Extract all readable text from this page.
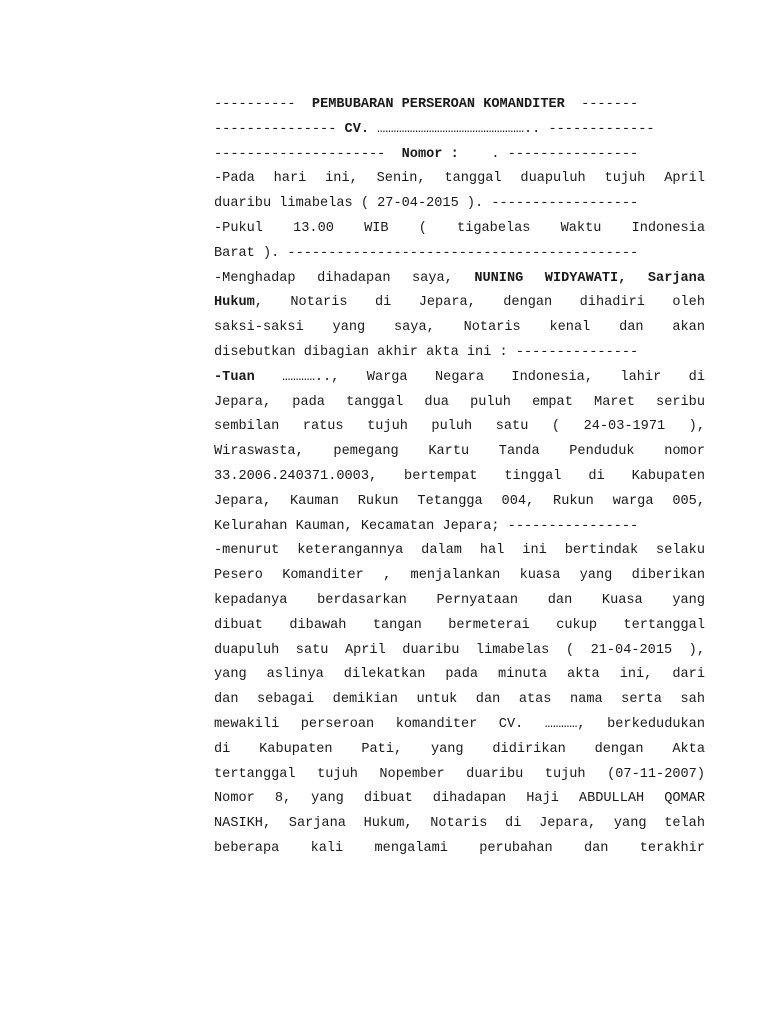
----------  PEMBUBARAN PERSEROAN KOMANDITER  -------
--------------- CV. ……………………………………………….. -------------
---------------------  Nomor :    . ----------------
-Pada hari ini, Senin, tanggal duapuluh tujuh April
duaribu limabelas ( 27-04-2015 ). ------------------
-Pukul 13.00 WIB ( tigabelas Waktu Indonesia
Barat ). -------------------------------------------
-Menghadap dihadapan saya, NUNING WIDYAWATI, Sarjana
Hukum, Notaris di Jepara, dengan dihadiri oleh
saksi-saksi yang saya, Notaris kenal dan akan
disebutkan dibagian akhir akta ini : ---------------
-Tuan ………….., Warga Negara Indonesia, lahir di
Jepara, pada tanggal dua puluh empat Maret seribu
sembilan ratus tujuh puluh satu ( 24-03-1971 ),
Wiraswasta, pemegang Kartu Tanda Penduduk nomor
33.2006.240371.0003, bertempat tinggal di Kabupaten
Jepara, Kauman Rukun Tetangga 004, Rukun warga 005,
Kelurahan Kauman, Kecamatan Jepara; ----------------
-menurut keterangannya dalam hal ini bertindak selaku
Pesero Komanditer , menjalankan kuasa yang diberikan
kepadanya berdasarkan Pernyataan dan Kuasa yang
dibuat dibawah tangan bermeterai cukup tertanggal
duapuluh satu April duaribu limabelas ( 21-04-2015 ),
yang aslinya dilekatkan pada minuta akta ini, dari
dan sebagai demikian untuk dan atas nama serta sah
mewakili perseroan komanditer CV. …………, berkedudukan
di Kabupaten Pati, yang didirikan dengan Akta
tertanggal tujuh Nopember duaribu tujuh (07-11-2007)
Nomor 8, yang dibuat dihadapan Haji ABDULLAH QOMAR
NASIKH, Sarjana Hukum, Notaris di Jepara, yang telah
beberapa kali mengalami perubahan dan terakhir
